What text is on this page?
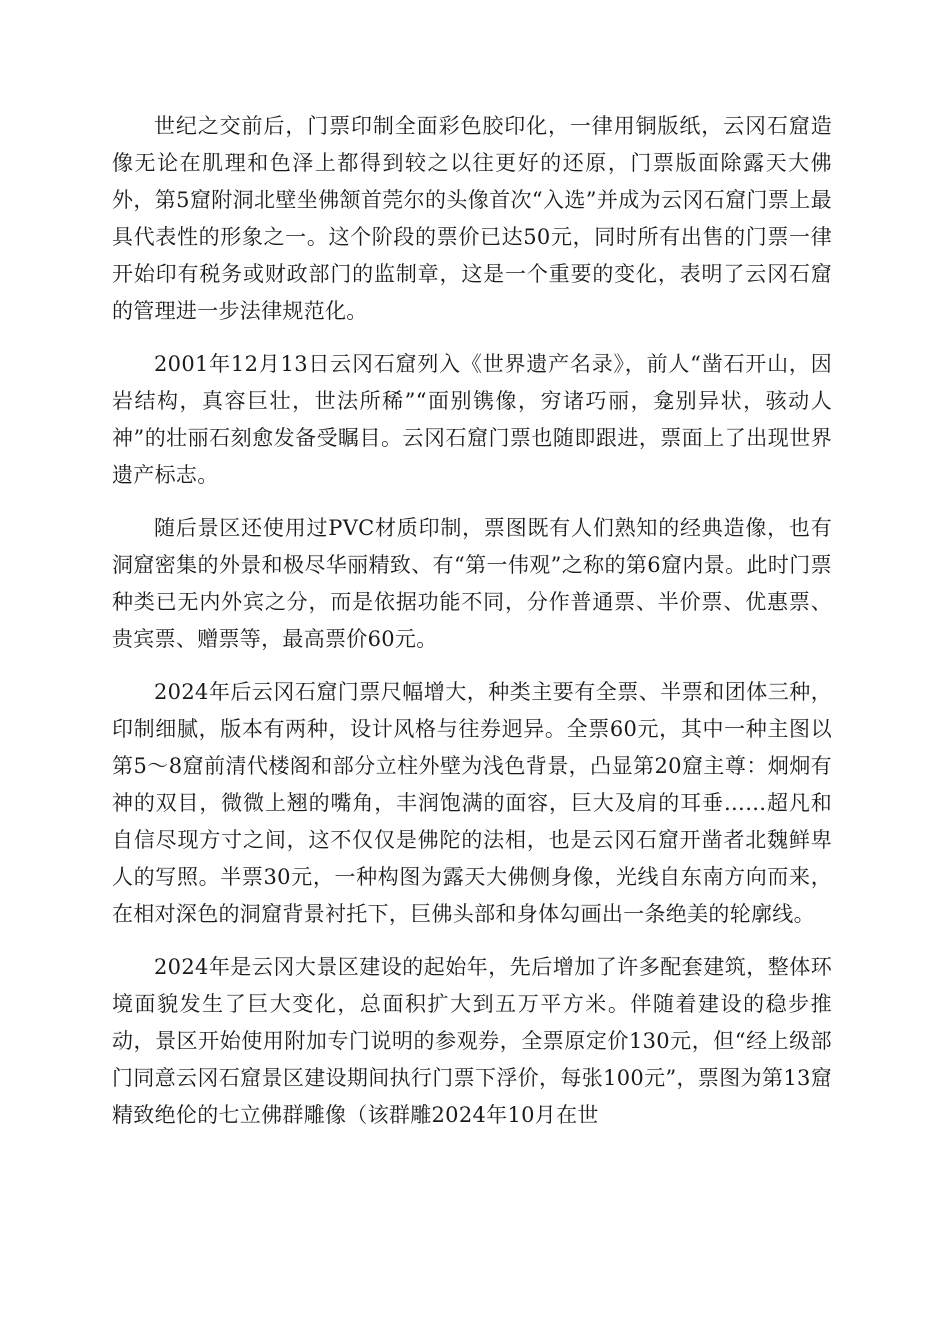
世纪之交前后，门票印制全面彩色胶印化，一律用铜版纸，云冈石窟造像无论在肌理和色泽上都得到较之以往更好的还原，门票版面除露天大佛外，第5窟附洞北壁坐佛颔首莞尔的头像首次“入选”并成为云冈石窟门票上最具代表性的形象之一。这个阶段的票价已达50元，同时所有出售的门票一律开始印有税务或财政部门的监制章，这是一个重要的变化，表明了云冈石窟的管理进一步法律规范化。

2001年12月13日云冈石窟列入《世界遗产名录》，前人“凿石开山，因岩结构，真容巨壮，世法所稀”“面别镌像，穷诸巧丽，龛别异状，骇动人神”的壮丽石刻愈发备受瞩目。云冈石窟门票也随即跟进，票面上了出现世界遗产标志。

随后景区还使用过PVC材质印制，票图既有人们熟知的经典造像，也有洞窟密集的外景和极尽华丽精致、有“第一伟观”之称的第6窟内景。此时门票种类已无内外宾之分，而是依据功能不同，分作普通票、半价票、优惠票、贵宾票、赠票等，最高票价60元。

2024年后云冈石窟门票尺幅增大，种类主要有全票、半票和团体三种，印制细腻，版本有两种，设计风格与往券迥异。全票60元，其中一种主图以第5～8窟前清代楼阁和部分立柱外壁为浅色背景，凸显第20窟主尊：炯炯有神的双目，微微上翘的嘴角，丰润饱满的面容，巨大及肩的耳垂……超凡和自信尽现方寸之间，这不仅仅是佛陀的法相，也是云冈石窟开凿者北魏鲜卑人的写照。半票30元，一种构图为露天大佛侧身像，光线自东南方向而来，在相对深色的洞窟背景衬托下，巨佛头部和身体勾画出一条绝美的轮廓线。

2024年是云冈大景区建设的起始年，先后增加了许多配套建筑，整体环境面貌发生了巨大变化，总面积扩大到五万平方米。伴随着建设的稳步推动，景区开始使用附加专门说明的参观券，全票原定价130元，但“经上级部门同意云冈石窟景区建设期间执行门票下浮价，每张100元”，票图为第13窟精致绝伦的七立佛群雕像（该群雕2024年10月在世
